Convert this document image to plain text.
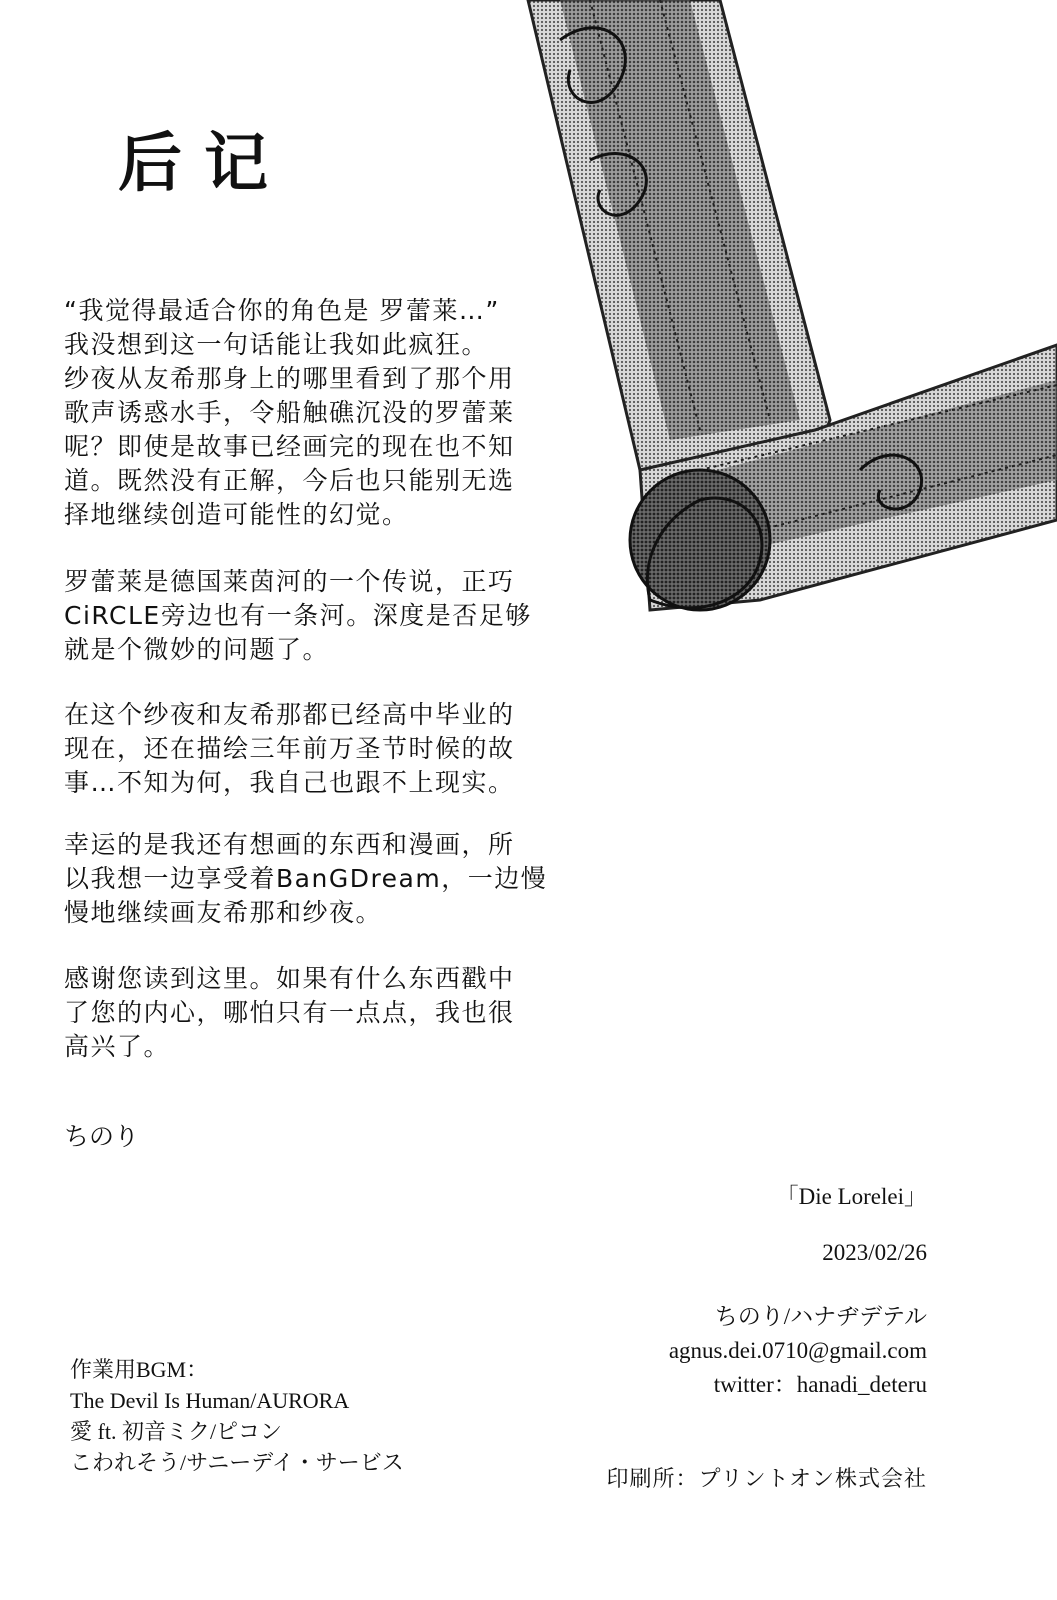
后记
“我觉得最适合你的角色是 罗蕾莱…”
我没想到这一句话能让我如此疯狂。
纱夜从友希那身上的哪里看到了那个用
歌声诱惑水手，令船触礁沉没的罗蕾莱
呢？即使是故事已经画完的现在也不知
道。既然没有正解，今后也只能别无选
择地继续创造可能性的幻觉。
罗蕾莱是德国莱茵河的一个传说，正巧
CiRCLE旁边也有一条河。深度是否足够
就是个微妙的问题了。
在这个纱夜和友希那都已经高中毕业的
现在，还在描绘三年前万圣节时候的故
事…不知为何，我自己也跟不上现实。
幸运的是我还有想画的东西和漫画，所
以我想一边享受着BanGDream，一边慢
慢地继续画友希那和纱夜。
感谢您读到这里。如果有什么东西戳中
了您的内心，哪怕只有一点点，我也很
高兴了。
ちのり
「Die Lorelei」
2023/02/26
ちのり/ハナヂデテル
agnus.dei.0710@gmail.com
twitter：hanadi_deteru
作業用BGM：
The Devil Is Human/AURORA
愛 ft. 初音ミク/ピコン
こわれそう/サニーデイ・サービス
印刷所：プリントオン株式会社
